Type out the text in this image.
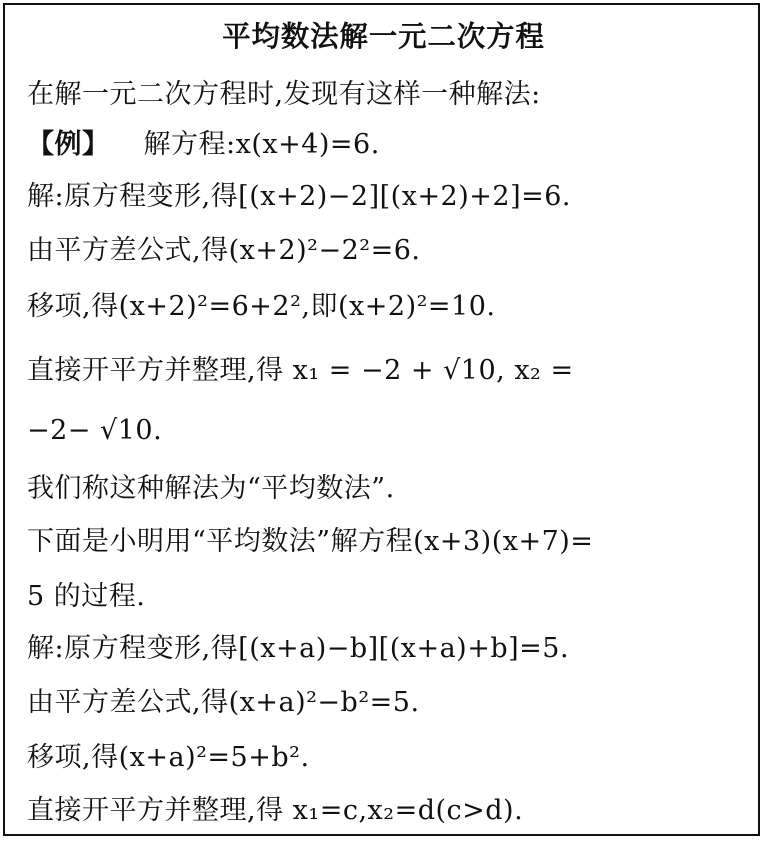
平均数法解一元二次方程
在解一元二次方程时,发现有这样一种解法:
【例】 解方程:x(x+4)=6.
解:原方程变形,得[(x+2)−2][(x+2)+2]=6.
由平方差公式,得(x+2)²−2²=6.
移项,得(x+2)²=6+2²,即(x+2)²=10.
直接开平方并整理,得 x₁ = −2 + √10, x₂ =
−2− √10.
我们称这种解法为“平均数法”.
下面是小明用“平均数法”解方程(x+3)(x+7)=
5 的过程.
解:原方程变形,得[(x+a)−b][(x+a)+b]=5.
由平方差公式,得(x+a)²−b²=5.
移项,得(x+a)²=5+b².
直接开平方并整理,得 x₁=c,x₂=d(c>d).
